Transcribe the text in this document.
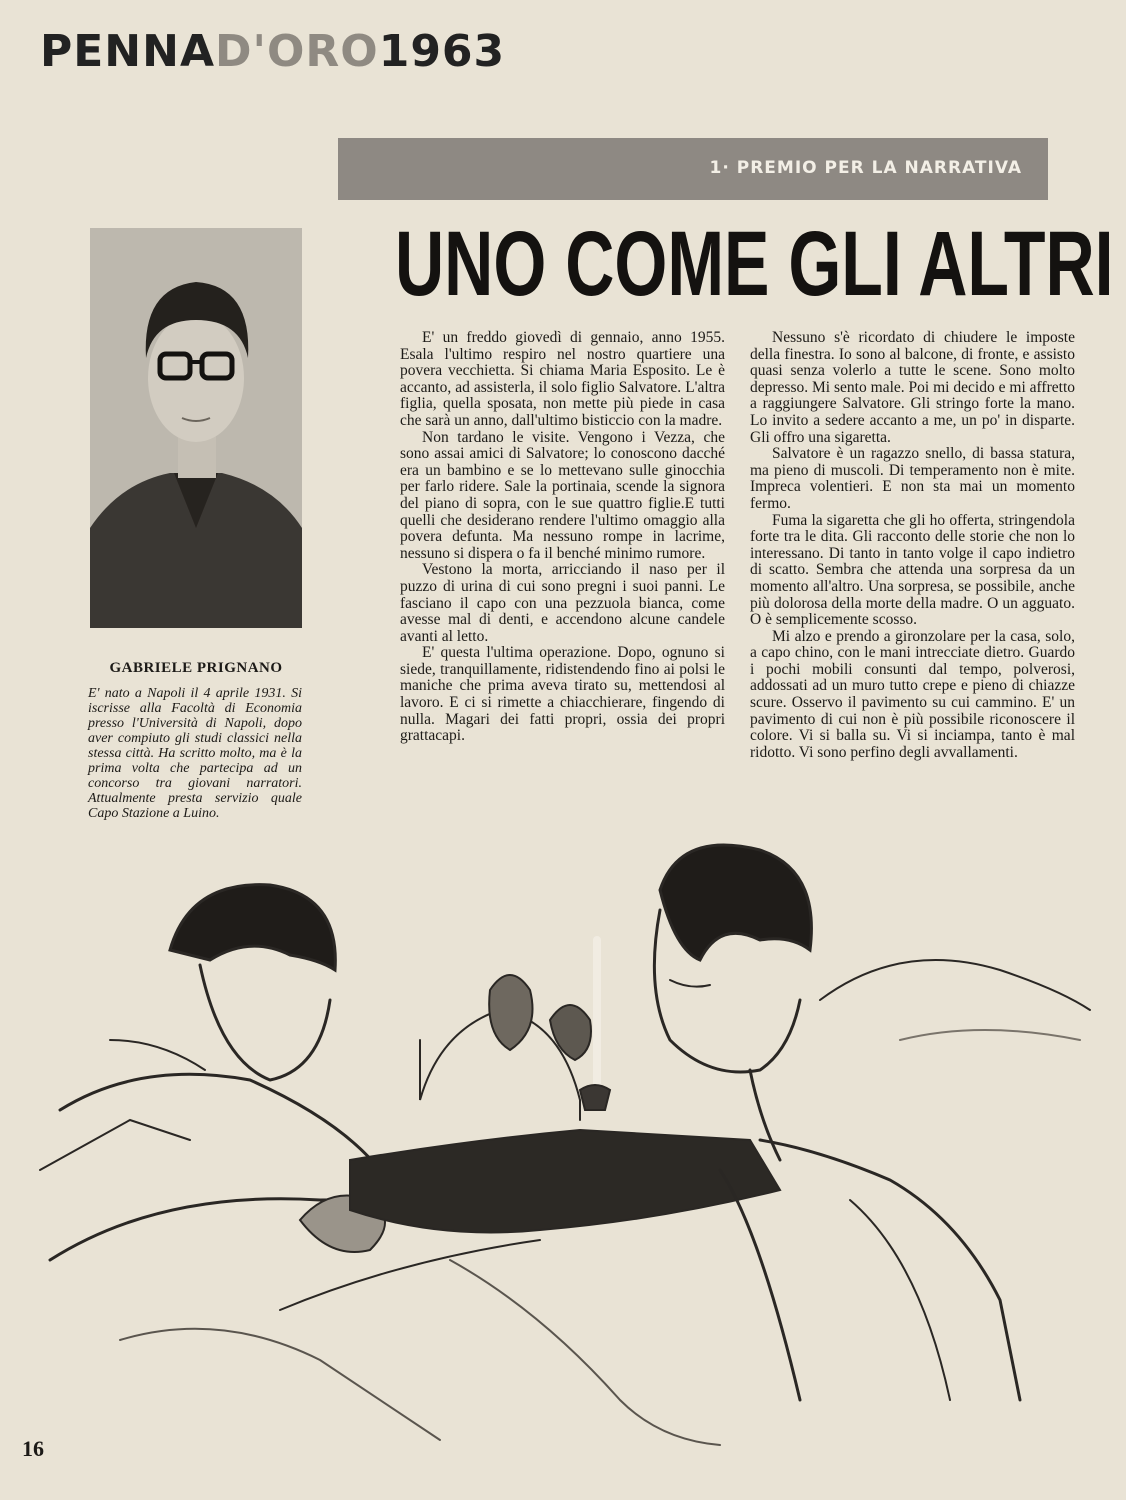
PENNAD'ORO1963
1· PREMIO PER LA NARRATIVA
UNO COME GLI ALTRI
GABRIELE PRIGNANO
E' nato a Napoli il 4 aprile 1931. Si iscrisse alla Facoltà di Economia presso l'Università di Napoli, dopo aver compiuto gli studi classici nella stessa città. Ha scritto molto, ma è la prima volta che partecipa ad un concorso tra giovani narratori. Attualmente presta servizio quale Capo Stazione a Luino.

E' un freddo giovedì di gennaio, anno 1955. Esala l'ultimo respiro nel nostro quartiere una povera vecchietta. Si chiama Maria Esposito. Le è accanto, ad assisterla, il solo figlio Salvatore. L'altra figlia, quella sposata, non mette più piede in casa che sarà un anno, dall'ultimo bisticcio con la madre.

Non tardano le visite. Vengono i Vezza, che sono assai amici di Salvatore; lo conoscono dacché era un bambino e se lo mettevano sulle ginocchia per farlo ridere. Sale la portinaia, scende la signora del piano di sopra, con le sue quattro figlie.E tutti quelli che desiderano rendere l'ultimo omaggio alla povera defunta. Ma nessuno rompe in lacrime, nessuno si dispera o fa il benché minimo rumore.

Vestono la morta, arricciando il naso per il puzzo di urina di cui sono pregni i suoi panni. Le fasciano il capo con una pezzuola bianca, come avesse mal di denti, e accendono alcune candele avanti al letto.

E' questa l'ultima operazione. Dopo, ognuno si siede, tranquillamente, ridistendendo fino ai polsi le maniche che prima aveva tirato su, mettendosi al lavoro. E ci si rimette a chiacchierare, fingendo di nulla. Magari dei fatti propri, ossia dei propri grattacapi.

Nessuno s'è ricordato di chiudere le imposte della finestra. Io sono al balcone, di fronte, e assisto quasi senza volerlo a tutte le scene. Sono molto depresso. Mi sento male. Poi mi decido e mi affretto a raggiungere Salvatore. Gli stringo forte la mano. Lo invito a sedere accanto a me, un po' in disparte. Gli offro una sigaretta.

Salvatore è un ragazzo snello, di bassa statura, ma pieno di muscoli. Di temperamento non è mite. Impreca volentieri. E non sta mai un momento fermo.

Fuma la sigaretta che gli ho offerta, stringendola forte tra le dita. Gli racconto delle storie che non lo interessano. Di tanto in tanto volge il capo indietro di scatto. Sembra che attenda una sorpresa da un momento all'altro. Una sorpresa, se possibile, anche più dolorosa della morte della madre. O un agguato. O è semplicemente scosso.

Mi alzo e prendo a gironzolare per la casa, solo, a capo chino, con le mani intrecciate dietro. Guardo i pochi mobili consunti dal tempo, polverosi, addossati ad un muro tutto crepe e pieno di chiazze scure. Osservo il pavimento su cui cammino. E' un pavimento di cui non è più possibile riconoscere il colore. Vi si balla su. Vi si inciampa, tanto è mal ridotto. Vi sono perfino degli avvallamenti.

16
